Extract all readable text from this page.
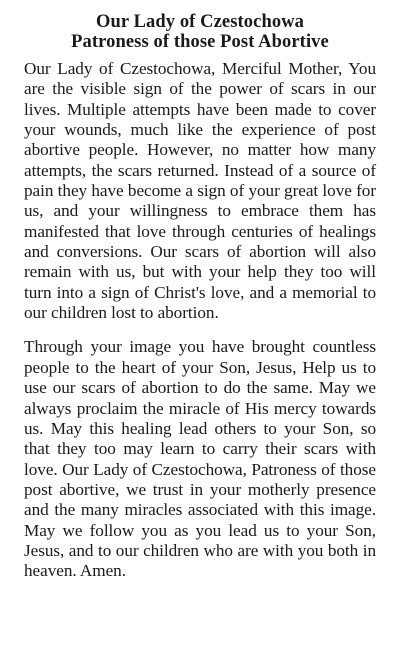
Our Lady of Czestochowa
Patroness of those Post Abortive

Our Lady of Czestochowa, Merciful Mother, You are the visible sign of the power of scars in our lives. Multiple attempts have been made to cover your wounds, much like the experience of post abortive people. However, no matter how many attempts, the scars returned. Instead of a source of pain they have become a sign of your great love for us, and your willingness to embrace them has manifested that love through centuries of healings and conversions. Our scars of abortion will also remain with us, but with your help they too will turn into a sign of Christ's love, and a memorial to our children lost to abortion.

Through your image you have brought countless people to the heart of your Son, Jesus, Help us to use our scars of abortion to do the same. May we always proclaim the miracle of His mercy towards us. May this healing lead others to your Son, so that they too may learn to carry their scars with love. Our Lady of Czestochowa, Patroness of those post abortive, we trust in your motherly presence and the many miracles associated with this image. May we follow you as you lead us to your Son, Jesus, and to our children who are with you both in heaven. Amen.
